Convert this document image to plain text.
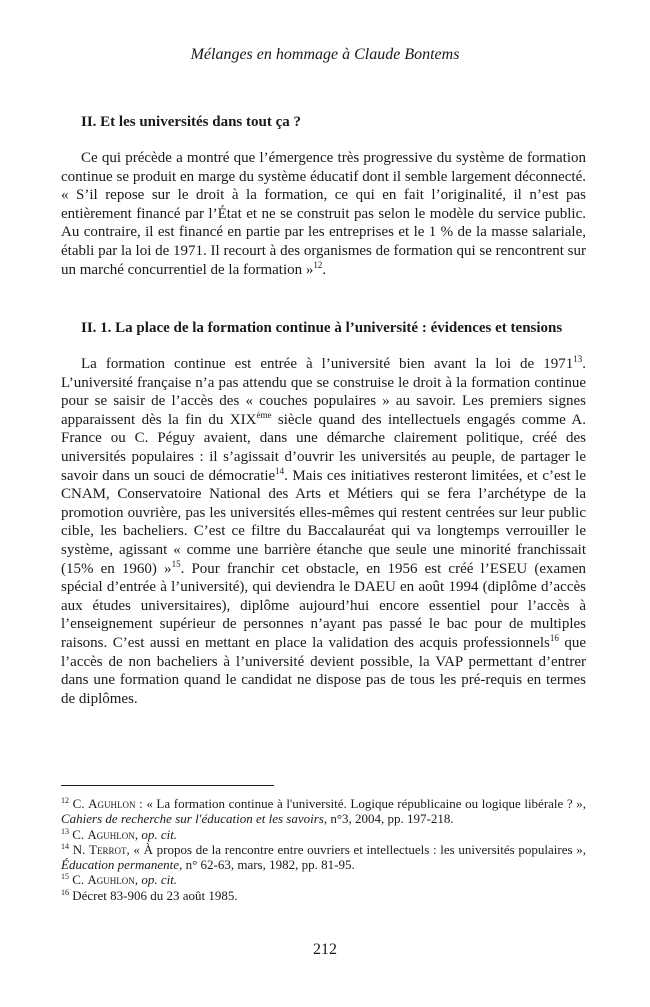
Mélanges en hommage à Claude Bontems
II. Et les universités dans tout ça ?

Ce qui précède a montré que l’émergence très progressive du système de formation continue se produit en marge du système éducatif dont il semble largement déconnecté. « S’il repose sur le droit à la formation, ce qui en fait l’originalité, il n’est pas entièrement financé par l’État et ne se construit pas selon le modèle du service public. Au contraire, il est financé en partie par les entreprises et le 1 % de la masse salariale, établi par la loi de 1971. Il recourt à des organismes de formation qui se rencontrent sur un marché concurrentiel de la formation »$^{12}$.

II. 1. La place de la formation continue à l’université : évidences et tensions

La formation continue est entrée à l’université bien avant la loi de 1971$^{13}$. L’université française n’a pas attendu que se construise le droit à la formation continue pour se saisir de l’accès des « couches populaires » au savoir. Les premiers signes apparaissent dès la fin du XIXème siècle quand des intellectuels engagés comme A. France ou C. Péguy avaient, dans une démarche clairement politique, créé des universités populaires : il s’agissait d’ouvrir les universités au peuple, de partager le savoir dans un souci de démocratie$^{14}$. Mais ces initiatives resteront limitées, et c’est le CNAM, Conservatoire National des Arts et Métiers qui se fera l’archétype de la promotion ouvrière, pas les universités elles-mêmes qui restent centrées sur leur public cible, les bacheliers. C’est ce filtre du Baccalauréat qui va longtemps verrouiller le système, agissant « comme une barrière étanche que seule une minorité franchissait (15% en 1960) »$^{15}$. Pour franchir cet obstacle, en 1956 est créé l’ESEU (examen spécial d’entrée à l’université), qui deviendra le DAEU en août 1994 (diplôme d’accès aux études universitaires), diplôme aujourd’hui encore essentiel pour l’accès à l’enseignement supérieur de personnes n’ayant pas passé le bac pour de multiples raisons. C’est aussi en mettant en place la validation des acquis professionnels$^{16}$ que l’accès de non bacheliers à l’université devient possible, la VAP permettant d’entrer dans une formation quand le candidat ne dispose pas de tous les pré-requis en termes de diplômes.

$^{12}$ C. Aguhlon : « La formation continue à l'université. Logique républicaine ou logique libérale ? », Cahiers de recherche sur l'éducation et les savoirs, n°3, 2004, pp. 197-218.

$^{13}$ C. Aguhlon, op. cit.

$^{14}$ N. Terrot, « À propos de la rencontre entre ouvriers et intellectuels : les universités populaires », Éducation permanente, n° 62-63, mars, 1982, pp. 81-95.

$^{15}$ C. Aguhlon, op. cit.

$^{16}$ Décret 83-906 du 23 août 1985.

212
